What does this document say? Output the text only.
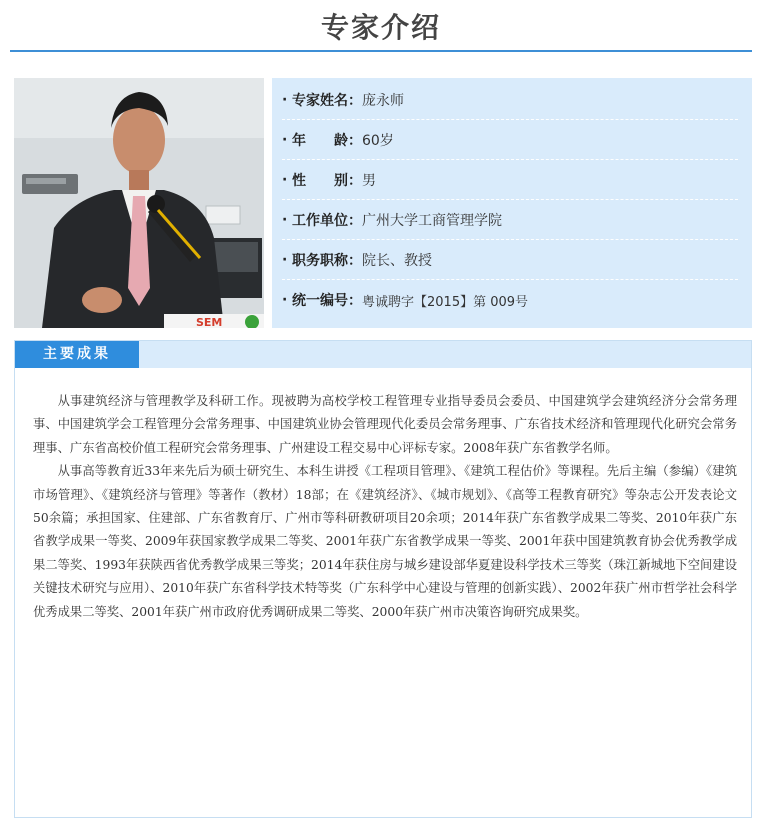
专家介绍
SEM
· 专家姓名： 庞永师
· 年　　龄： 60岁
· 性　　别： 男
· 工作单位： 广州大学工商管理学院
· 职务职称： 院长、教授
· 统一编号： 粤诚聘字【2015】第 009号
主要成果

从事建筑经济与管理教学及科研工作。现被聘为高校学校工程管理专业指导委员会委员、中国建筑学会建筑经济分会常务理事、中国建筑学会工程管理分会常务理事、中国建筑业协会管理现代化委员会常务理事、广东省技术经济和管理现代化研究会常务理事、广东省高校价值工程研究会常务理事、广州建设工程交易中心评标专家。2008年获广东省教学名师。

从事高等教育近33年来先后为硕士研究生、本科生讲授《工程项目管理》、《建筑工程估价》等课程。先后主编（参编）《建筑市场管理》、《建筑经济与管理》等著作（教材）18部；在《建筑经济》、《城市规划》、《高等工程教育研究》等杂志公开发表论文50余篇；承担国家、住建部、广东省教育厅、广州市等科研教研项目20余项；2014年获广东省教学成果二等奖、2010年获广东省教学成果一等奖、2009年获国家教学成果二等奖、2001年获广东省教学成果一等奖、2001年获中国建筑教育协会优秀教学成果二等奖、1993年获陕西省优秀教学成果三等奖；2014年获住房与城乡建设部华夏建设科学技术三等奖（珠江新城地下空间建设关键技术研究与应用）、2010年获广东省科学技术特等奖（广东科学中心建设与管理的创新实践）、2002年获广州市哲学社会科学优秀成果二等奖、2001年获广州市政府优秀调研成果二等奖、2000年获广州市决策咨询研究成果奖。
